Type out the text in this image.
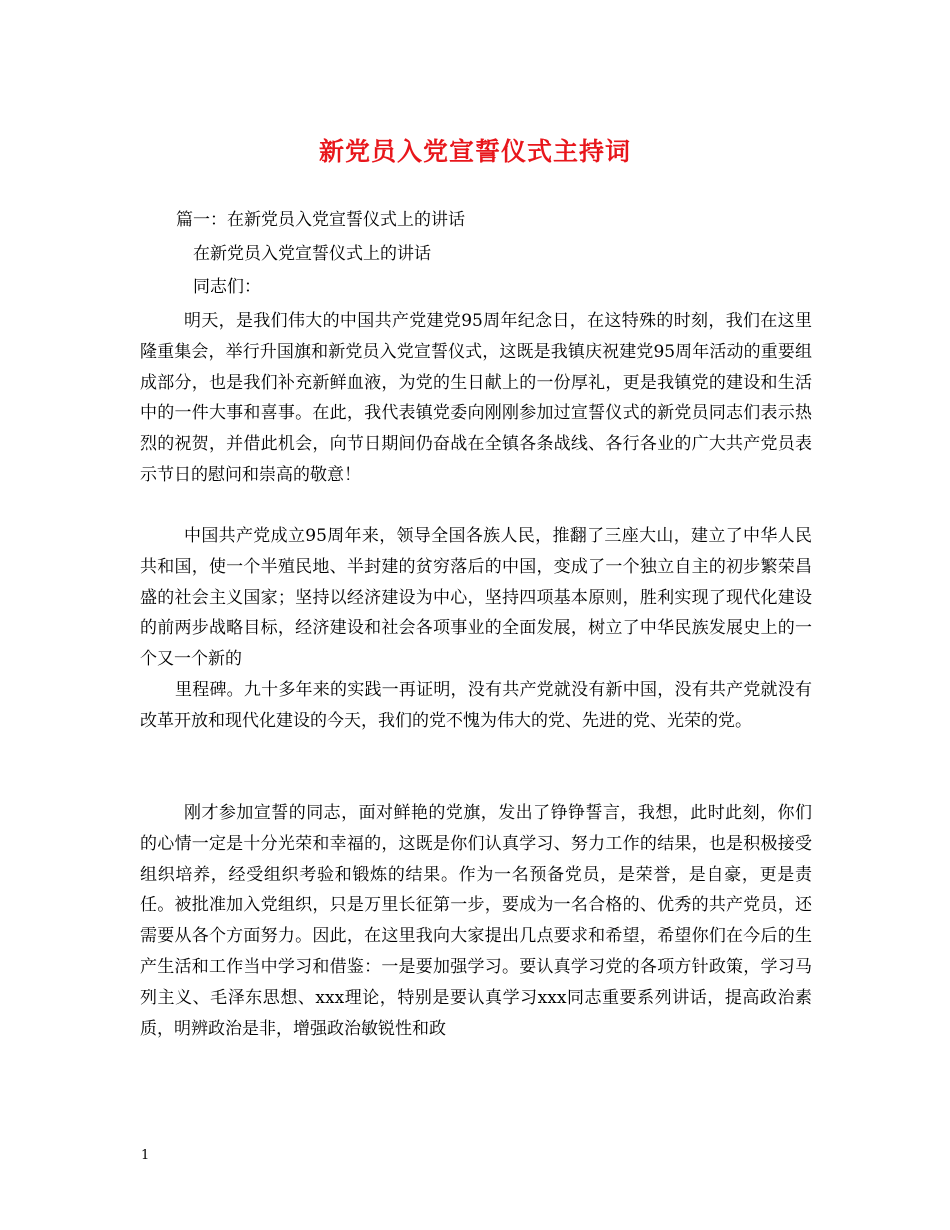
新党员入党宣誓仪式主持词
篇一：在新党员入党宣誓仪式上的讲话
在新党员入党宣誓仪式上的讲话
同志们：
明天，是我们伟大的中国共产党建党95周年纪念日，在这特殊的时刻，我们在这里隆重集会，举行升国旗和新党员入党宣誓仪式，这既是我镇庆祝建党95周年活动的重要组成部分，也是我们补充新鲜血液，为党的生日献上的一份厚礼，更是我镇党的建设和生活中的一件大事和喜事。在此，我代表镇党委向刚刚参加过宣誓仪式的新党员同志们表示热烈的祝贺，并借此机会，向节日期间仍奋战在全镇各条战线、各行各业的广大共产党员表示节日的慰问和崇高的敬意！
中国共产党成立95周年来，领导全国各族人民，推翻了三座大山，建立了中华人民共和国，使一个半殖民地、半封建的贫穷落后的中国，变成了一个独立自主的初步繁荣昌盛的社会主义国家；坚持以经济建设为中心，坚持四项基本原则，胜利实现了现代化建设的前两步战略目标，经济建设和社会各项事业的全面发展，树立了中华民族发展史上的一个又一个新的
里程碑。九十多年来的实践一再证明，没有共产党就没有新中国，没有共产党就没有改革开放和现代化建设的今天，我们的党不愧为伟大的党、先进的党、光荣的党。
刚才参加宣誓的同志，面对鲜艳的党旗，发出了铮铮誓言，我想，此时此刻，你们的心情一定是十分光荣和幸福的，这既是你们认真学习、努力工作的结果，也是积极接受组织培养，经受组织考验和锻炼的结果。作为一名预备党员，是荣誉，是自豪，更是责任。被批准加入党组织，只是万里长征第一步，要成为一名合格的、优秀的共产党员，还需要从各个方面努力。因此，在这里我向大家提出几点要求和希望，希望你们在今后的生产生活和工作当中学习和借鉴：一是要加强学习。要认真学习党的各项方针政策，学习马列主义、毛泽东思想、xxx理论，特别是要认真学习xxx同志重要系列讲话，提高政治素质，明辨政治是非，增强政治敏锐性和政
1
